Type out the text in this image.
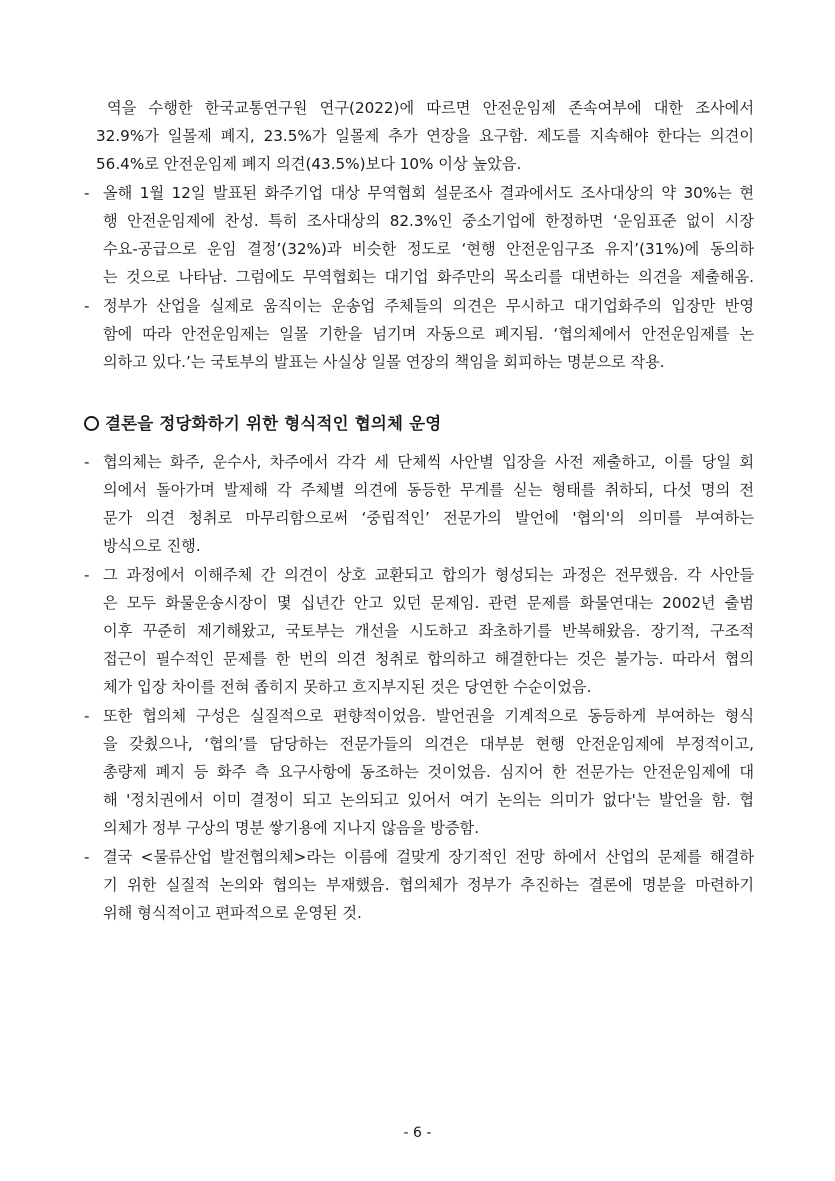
역을 수행한 한국교통연구원 연구(2022)에 따르면 안전운임제 존속여부에 대한 조사에서
32.9%가 일몰제 폐지, 23.5%가 일몰제 추가 연장을 요구함. 제도를 지속해야 한다는 의견이
56.4%로 안전운임제 폐지 의견(43.5%)보다 10% 이상 높았음.
- 올해 1월 12일 발표된 화주기업 대상 무역협회 설문조사 결과에서도 조사대상의 약 30%는 현
행 안전운임제에 찬성. 특히 조사대상의 82.3%인 중소기업에 한정하면 ‘운임표준 없이 시장
수요-공급으로 운임 결정’(32%)과 비슷한 정도로 ‘현행 안전운임구조 유지’(31%)에 동의하
는 것으로 나타남. 그럼에도 무역협회는 대기업 화주만의 목소리를 대변하는 의견을 제출해옴.
- 정부가 산업을 실제로 움직이는 운송업 주체들의 의견은 무시하고 대기업화주의 입장만 반영
함에 따라 안전운임제는 일몰 기한을 넘기며 자동으로 폐지됨. ‘협의체에서 안전운임제를 논
의하고 있다.’는 국토부의 발표는 사실상 일몰 연장의 책임을 회피하는 명분으로 작용.
결론을 정당화하기 위한 형식적인 협의체 운영
- 협의체는 화주, 운수사, 차주에서 각각 세 단체씩 사안별 입장을 사전 제출하고, 이를 당일 회
의에서 돌아가며 발제해 각 주체별 의견에 동등한 무게를 싣는 형태를 취하되, 다섯 명의 전
문가 의견 청취로 마무리함으로써 ‘중립적인’ 전문가의 발언에 '협의'의 의미를 부여하는
방식으로 진행.
- 그 과정에서 이해주체 간 의견이 상호 교환되고 합의가 형성되는 과정은 전무했음. 각 사안들
은 모두 화물운송시장이 몇 십년간 안고 있던 문제임. 관련 문제를 화물연대는 2002년 출범
이후 꾸준히 제기해왔고, 국토부는 개선을 시도하고 좌초하기를 반복해왔음. 장기적, 구조적
접근이 필수적인 문제를 한 번의 의견 청취로 합의하고 해결한다는 것은 불가능. 따라서 협의
체가 입장 차이를 전혀 좁히지 못하고 흐지부지된 것은 당연한 수순이었음.
- 또한 협의체 구성은 실질적으로 편향적이었음. 발언권을 기계적으로 동등하게 부여하는 형식
을 갖췄으나, ‘협의’를 담당하는 전문가들의 의견은 대부분 현행 안전운임제에 부정적이고,
총량제 폐지 등 화주 측 요구사항에 동조하는 것이었음. 심지어 한 전문가는 안전운임제에 대
해 '정치권에서 이미 결정이 되고 논의되고 있어서 여기 논의는 의미가 없다'는 발언을 함. 협
의체가 정부 구상의 명분 쌓기용에 지나지 않음을 방증함.
- 결국 <물류산업 발전협의체>라는 이름에 걸맞게 장기적인 전망 하에서 산업의 문제를 해결하
기 위한 실질적 논의와 협의는 부재했음. 협의체가 정부가 추진하는 결론에 명분을 마련하기
위해 형식적이고 편파적으로 운영된 것.
- 6 -
